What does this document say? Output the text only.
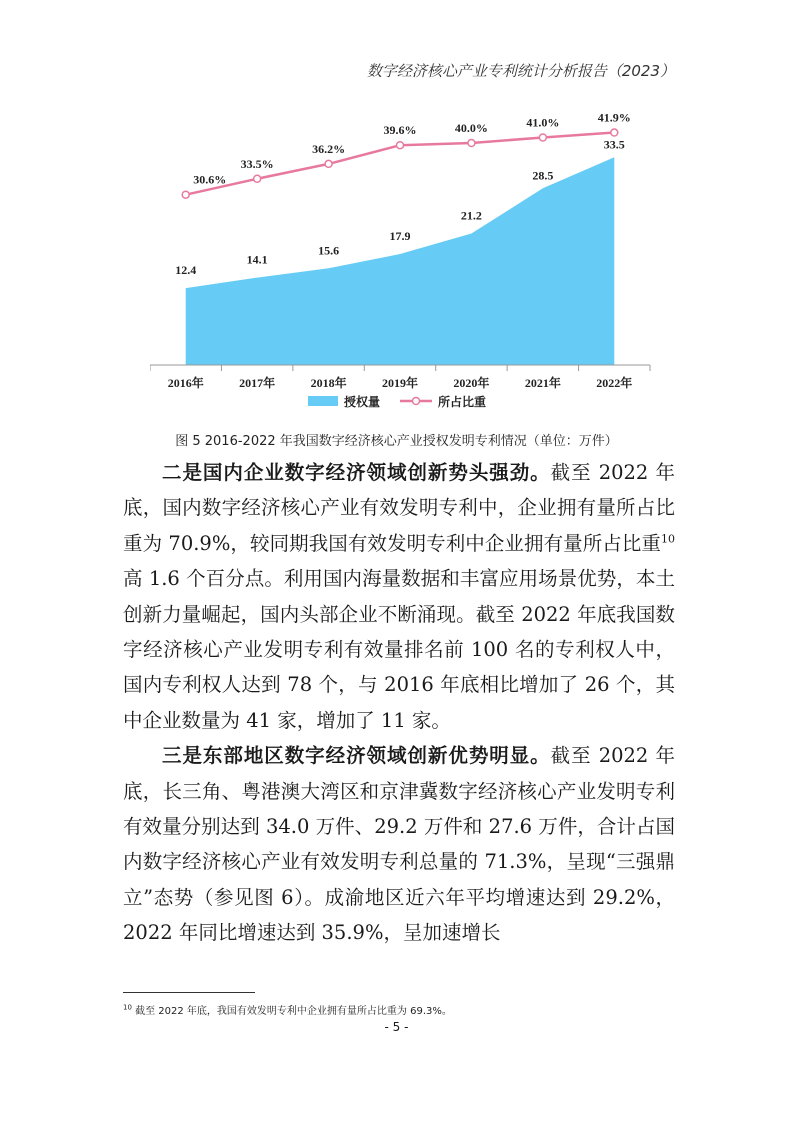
数字经济核心产业专利统计分析报告（2023）
12.4
14.1
15.6
17.9
21.2
28.5
33.5
30.6%
33.5%
36.2%
39.6%	40.0%	41.0%	41.9%
2016年	2017年	2018年	2019年	2020年	2021年	2022年
授权量	所占比重
图 5 2016-2022 年我国数字经济核心产业授权发明专利情况（单位：万件）

二是国内企业数字经济领域创新势头强劲。截至 2022 年底，国内数字经济核心产业有效发明专利中，企业拥有量所占比重为 70.9%，较同期我国有效发明专利中企业拥有量所占比重$^{10}$高 1.6 个百分点。利用国内海量数据和丰富应用场景优势，本土创新力量崛起，国内头部企业不断涌现。截至 2022 年底我国数字经济核心产业发明专利有效量排名前 100 名的专利权人中，国内专利权人达到 78 个，与 2016 年底相比增加了 26 个，其中企业数量为 41 家，增加了 11 家。

三是东部地区数字经济领域创新优势明显。截至 2022 年底，长三角、粤港澳大湾区和京津冀数字经济核心产业发明专利有效量分别达到 34.0 万件、29.2 万件和 27.6 万件，合计占国内数字经济核心产业有效发明专利总量的 71.3%，呈现“三强鼎立”态势（参见图 6）。成渝地区近六年平均增速达到 29.2%，2022 年同比增速达到 35.9%，呈加速增长

$^{10}$ 截至 2022 年底，我国有效发明专利中企业拥有量所占比重为 69.3%。
- 5 -
